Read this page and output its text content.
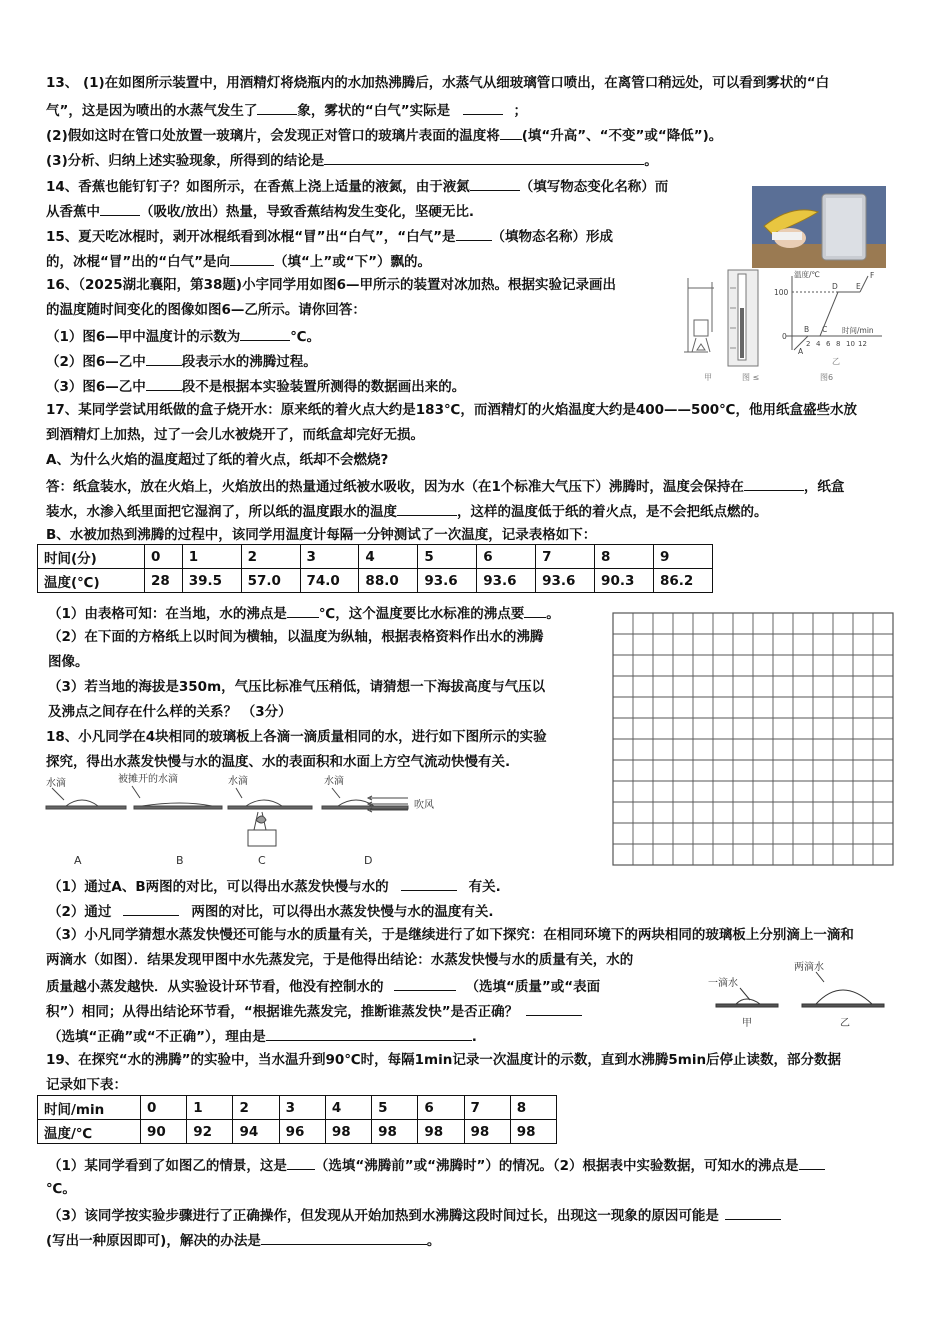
13、 (1)在如图所示装置中，用酒精灯将烧瓶内的水加热沸腾后，水蒸气从细玻璃管口喷出，在离管口稍远处，可以看到雾状的“白
气”，这是因为喷出的水蒸气发生了	象，雾状的“白气”实际是	；
(2)假如这时在管口处放置一玻璃片，会发现正对管口的玻璃片表面的温度将 (填“升高”、“不变”或“降低”)。
(3)分析、归纳上述实验现象，所得到的结论是	。
14、香蕉也能钉钉子？如图所示，在香蕉上浇上适量的液氮，由于液氮	（填写物态变化名称）而
从香蕉中	（吸收/放出）热量，导致香蕉结构发生变化，坚硬无比.
15、夏天吃冰棍时，剥开冰棍纸看到冰棍“冒”出“白气”，“白气”是	（填物态名称）形成
的，冰棍“冒”出的“白气”是向	（填“上”或“下”）飘的。
16、（2025湖北襄阳，第38题)小宇同学用如图6—甲所示的装置对冰加热。根据实验记录画出
的温度随时间变化的图像如图6—乙所示。请你回答：
（1）图6—甲中温度计的示数为	℃。
（2）图6—乙中	段表示水的沸腾过程。
（3）图6—乙中	段不是根据本实验装置所测得的数据画出来的。
甲	图 ≤
温度/℃
100
0
时间/min
A
B C
D E
F
2 4 6 8 10 12
乙
图6
17、某同学尝试用纸做的盒子烧开水：原来纸的着火点大约是183℃，而酒精灯的火焰温度大约是400——500℃，他用纸盒盛些水放
到酒精灯上加热，过了一会儿水被烧开了，而纸盒却完好无损。
A、为什么火焰的温度超过了纸的着火点，纸却不会燃烧?
答：纸盒装水，放在火焰上，火焰放出的热量通过纸被水吸收，因为水（在1个标准大气压下）沸腾时，温度会保持在	，纸盒
装水，水渗入纸里面把它湿润了，所以纸的温度跟水的温度	，这样的温度低于纸的着火点，是不会把纸点燃的。
B、水被加热到沸腾的过程中，该同学用温度计每隔一分钟测试了一次温度，记录表格如下：
时间(分)	0	1	2	3	4	5	6	7	8	9
温度(℃)	28	39.5	57.0	74.0	88.0	93.6	93.6	93.6	90.3	86.2
（1）由表格可知：在当地，水的沸点是 ℃，这个温度要比水标准的沸点要 。
（2）在下面的方格纸上以时间为横轴，以温度为纵轴，根据表格资料作出水的沸腾
图像。
（3）若当地的海拔是350m，气压比标准气压稍低，请猜想一下海拔高度与气压以
及沸点之间存在什么样的关系？ （3分）
18、小凡同学在4块相同的玻璃板上各滴一滴质量相同的水，进行如下图所示的实验
探究，得出水蒸发快慢与水的温度、水的表面积和水面上方空气流动快慢有关.
水滴	被摊开的水滴	水滴	水滴
吹风
A	B	C	D
（1）通过A、B两图的对比，可以得出水蒸发快慢与水的	有关.
（2）通过	两图的对比，可以得出水蒸发快慢与水的温度有关.
（3）小凡同学猜想水蒸发快慢还可能与水的质量有关，于是继续进行了如下探究：在相同环境下的两块相同的玻璃板上分别滴上一滴和
两滴水（如图）．结果发现甲图中水先蒸发完，于是他得出结论：水蒸发快慢与水的质量有关，水的
质量越小蒸发越快．从实验设计环节看，他没有控制水的	（选填“质量”或“表面
积”）相同；从得出结论环节看，“根据谁先蒸发完，推断谁蒸发快”是否正确？
（选填“正确”或“不正确”），理由是	.
一滴水
两滴水
甲	乙
19、在探究“水的沸腾”的实验中，当水温升到90℃时，每隔1min记录一次温度计的示数，直到水沸腾5min后停止读数，部分数据
记录如下表：
时间/min	0	1	2	3	4	5	6	7	8
温度/℃	90	92	94	96	98	98	98	98	98
（1）某同学看到了如图乙的情景，这是 （选填“沸腾前”或“沸腾时”）的情况。（2）根据表中实验数据，可知水的沸点是
℃。
（3）该同学按实验步骤进行了正确操作，但发现从开始加热到水沸腾这段时间过长，出现这一现象的原因可能是
(写出一种原因即可)，解决的办法是	。
